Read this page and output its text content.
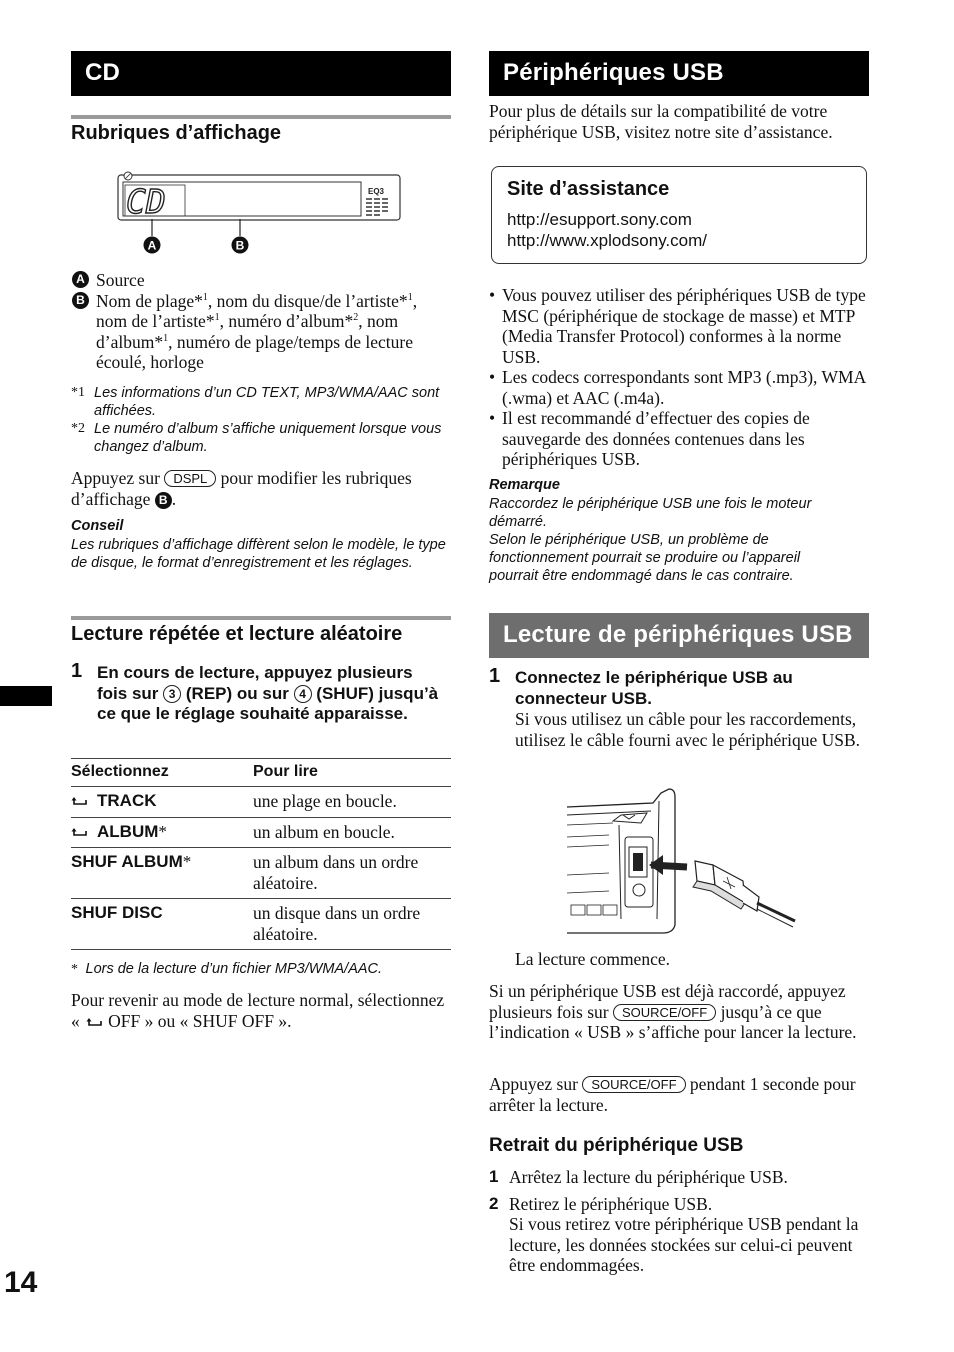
CD
Rubriques d’affichage
CD	EQ3
A	B
A Source
B Nom de plage*$^1$, nom du disque/de l’artiste*$^1$, nom de l’artiste*$^1$, numéro d’album*$^2$, nom d’album*$^1$, numéro de plage/temps de lecture écoulé, horloge
*1 Les informations d’un CD TEXT, MP3/WMA/AAC sont affichées.
*2 Le numéro d’album s’affiche uniquement lorsque vous changez d’album.
Appuyez sur DSPL pour modifier les rubriques d’affichage B .
Conseil
Les rubriques d’affichage diffèrent selon le modèle, le type de disque, le format d’enregistrement et les réglages.
Lecture répétée et lecture aléatoire
1 En cours de lecture, appuyez plusieurs fois sur 3 (REP) ou sur 4 (SHUF) jusqu’à ce que le réglage souhaité apparaisse.
Sélectionnez	Pour lire
TRACK	une plage en boucle.
ALBUM*	un album en boucle.
SHUF ALBUM*	un album dans un ordre aléatoire.
SHUF DISC	un disque dans un ordre aléatoire.
* Lors de la lecture d’un fichier MP3/WMA/AAC.
Pour revenir au mode de lecture normal, sélectionnez « OFF » ou « SHUF OFF ».
14
Périphériques USB
Pour plus de détails sur la compatibilité de votre périphérique USB, visitez notre site d’assistance.
Site d’assistance
http://esupport.sony.com
http://www.xplodsony.com/
• Vous pouvez utiliser des périphériques USB de type MSC (périphérique de stockage de masse) et MTP (Media Transfer Protocol) conformes à la norme USB.
• Les codecs correspondants sont MP3 (.mp3), WMA (.wma) et AAC (.m4a).
• Il est recommandé d’effectuer des copies de sauvegarde des données contenues dans les périphériques USB.
Remarque
Raccordez le périphérique USB une fois le moteur démarré.
Selon le périphérique USB, un problème de fonctionnement pourrait se produire ou l’appareil pourrait être endommagé dans le cas contraire.
Lecture de périphériques USB
1 Connectez le périphérique USB au connecteur USB.
Si vous utilisez un câble pour les raccordements, utilisez le câble fourni avec le périphérique USB.
La lecture commence.
Si un périphérique USB est déjà raccordé, appuyez plusieurs fois sur SOURCE/OFF jusqu’à ce que l’indication « USB » s’affiche pour lancer la lecture.
Appuyez sur SOURCE/OFF pendant 1 seconde pour arrêter la lecture.
Retrait du périphérique USB
1 Arrêtez la lecture du périphérique USB.
2 Retirez le périphérique USB.
Si vous retirez votre périphérique USB pendant la lecture, les données stockées sur celui-ci peuvent être endommagées.
